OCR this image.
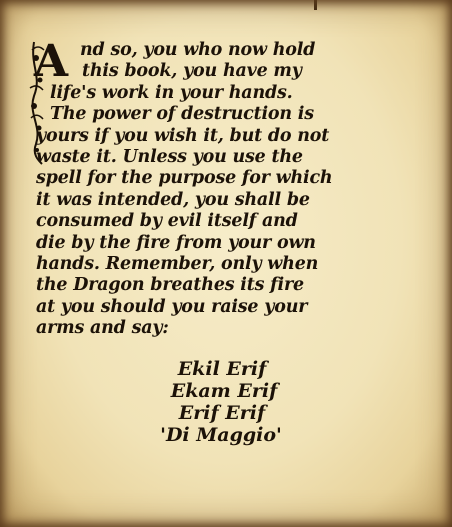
A nd so, you who now hold
this book, you have my
life's work in your hands.
The power of destruction is
yours if you wish it, but do not
waste it. Unless you use the
spell for the purpose for which
it was intended, you shall be
consumed by evil itself and
die by the fire from your own
hands. Remember, only when
the Dragon breathes its fire
at you should you raise your
arms and say:
Ekil Erif
Ekam Erif
Erif Erif
'Di Maggio'
